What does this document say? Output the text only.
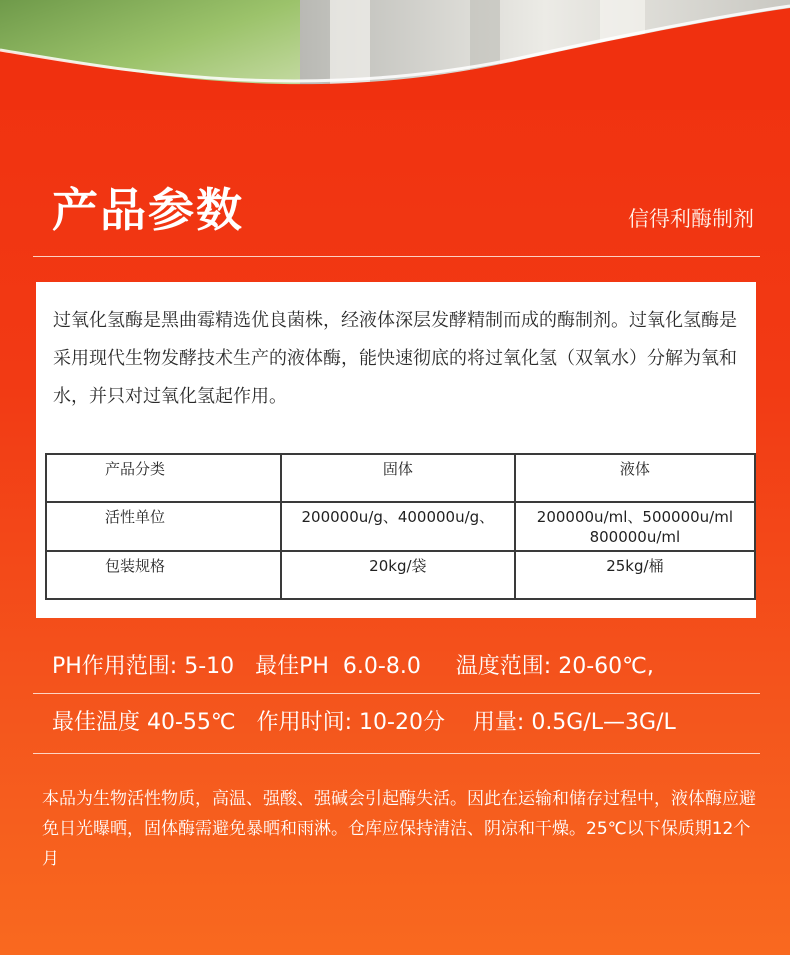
产品参数	信得利酶制剂

过氧化氢酶是黑曲霉精选优良菌株，经液体深层发酵精制而成的酶制剂。过氧化氢酶是采用现代生物发酵技术生产的液体酶，能快速彻底的将过氧化氢（双氧水）分解为氧和水，并只对过氧化氢起作用。

产品分类	固体	液体
活性单位	200000u/g、400000u/g、	200000u/ml、500000u/ml 800000u/ml
包装规格	20kg/袋	25kg/桶
PH作用范围: 5-10   最佳PH  6.0-8.0     温度范围: 20-60℃,
最佳温度 40-55℃   作用时间: 10-20分    用量: 0.5G/L—3G/L

本品为生物活性物质，高温、强酸、强碱会引起酶失活。因此在运输和储存过程中，液体酶应避免日光曝晒，固体酶需避免暴晒和雨淋。仓库应保持清洁、阴凉和干燥。25℃以下保质期12个月
